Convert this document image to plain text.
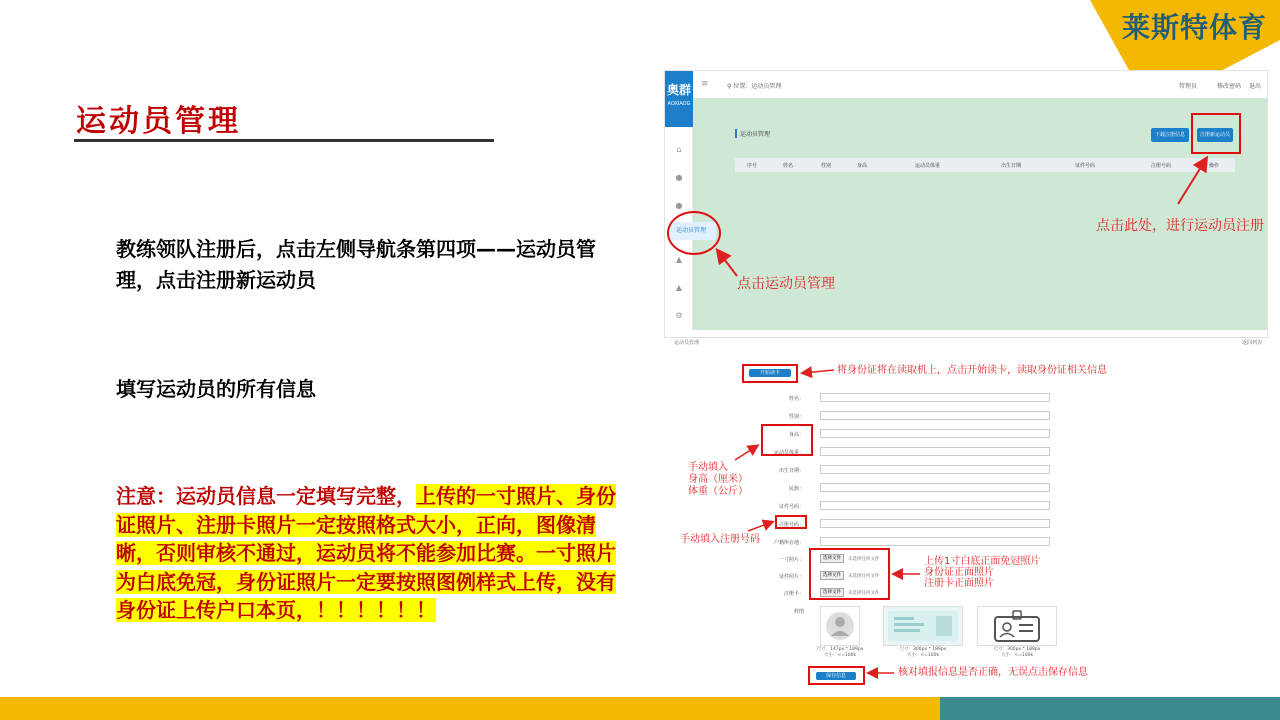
莱斯特体育
运动员管理
教练领队注册后，点击左侧导航条第四项——运动员管理，点击注册新运动员
填写运动员的所有信息
注意：运动员信息一定填写完整，上传的一寸照片、身份证照片、注册卡照片一定按照格式大小，正向，图像清晰，否则审核不通过，运动员将不能参加比赛。一寸照片为白底免冠，身份证照片一定要按照图例样式上传，没有身份证上传户口本页，！！！！！！
奥群
AOXIAOG
⌂
●
●
▲
▲
⚙
≡	⚲ 位置：运动员管理	管理员	修改密码 退出
运动员管理	下载注册信息	注册新运动员
序号	姓名	性别	身高	运动员体重	出生日期	证件号码	注册号码	操作
运动员管理	点击此处，进行运动员注册
点击运动员管理
运动员管理	返回列表
开始读卡	将身份证将在读取机上，点击开始读卡，读取身份证相关信息
姓名：
性别：
身高：
运动员体重：
出生日期：
民族：
证件号码：
注册号码：
户籍所在地：
手动填入
身高（厘米）
体重（公斤）
手动填入注册号码
一寸照片：	选择文件	未选择任何文件
证件照片：	选择文件	未选择任何文件
注册卡：	选择文件	未选择任何文件
上传1寸白底正面免冠照片
身份证正面照片
注册卡正面照片
样图
尺寸：147px * 189px
大小：<=100k
尺寸：300px * 189px
大小：<=100k
尺寸：300px * 189px
大小：<=100k
保存信息	核对填报信息是否正确，无误点击保存信息
